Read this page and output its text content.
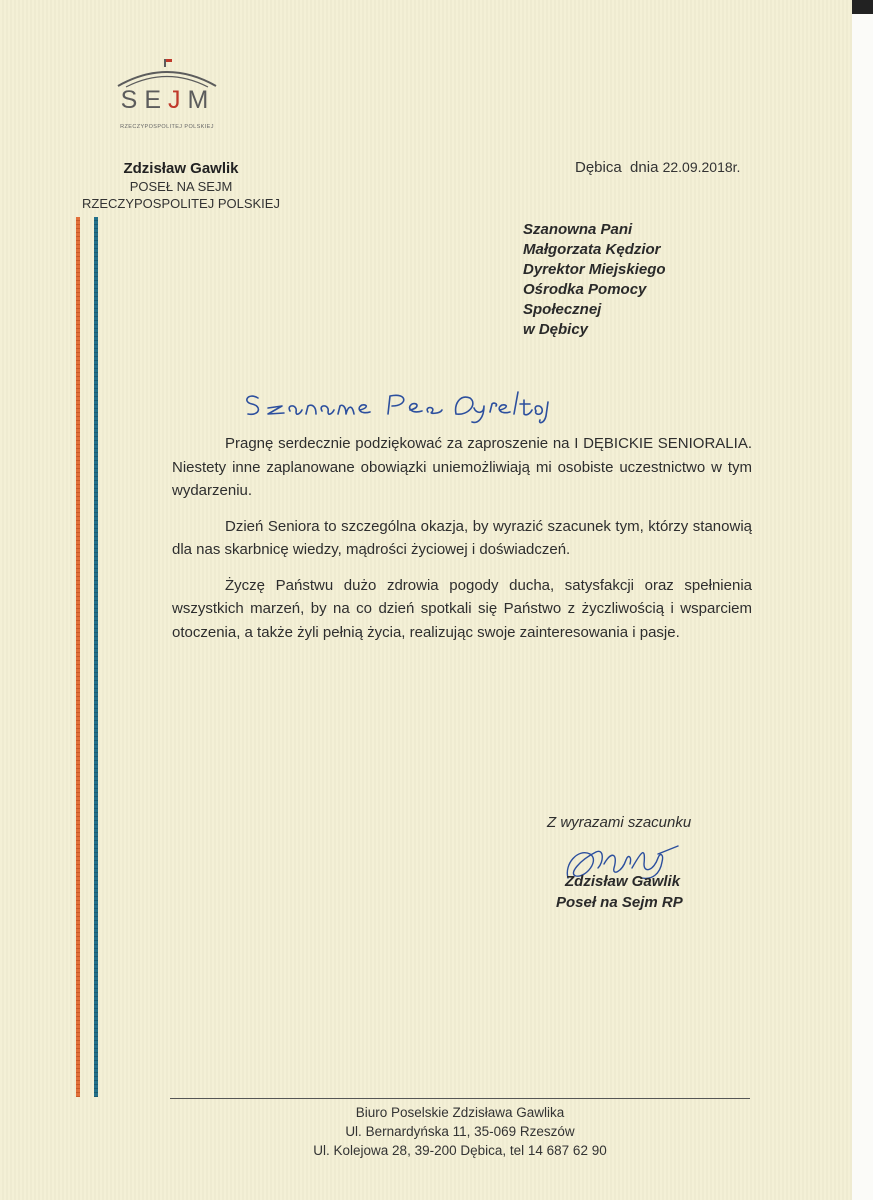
SEJM
RZECZYPOSPOLITEJ POLSKIEJ
Zdzisław Gawlik
POSEŁ NA SEJM
RZECZYPOSPOLITEJ POLSKIEJ
Dębica dnia 22.09.2018r.
Szanowna Pani
Małgorzata Kędzior
Dyrektor Miejskiego
Ośrodka Pomocy
Społecznej
w Dębicy

Pragnę serdecznie podziękować za zaproszenie na I DĘBICKIE SENIORALIA. Niestety inne zaplanowane obowiązki uniemożliwiają mi osobiste uczestnictwo w tym wydarzeniu.

Dzień Seniora to szczególna okazja, by wyrazić szacunek tym, którzy stanowią dla nas skarbnicę wiedzy, mądrości życiowej i doświadczeń.

Życzę Państwu dużo zdrowia pogody ducha, satysfakcji oraz spełnienia wszystkich marzeń, by na co dzień spotkali się Państwo z życzliwością i wsparciem otoczenia, a także żyli pełnią życia, realizując swoje zainteresowania i pasje.

Z wyrazami szacunku
Zdzisław Gawlik
Poseł na Sejm RP
Biuro Poselskie Zdzisława Gawlika
Ul. Bernardyńska 11, 35-069 Rzeszów
Ul. Kolejowa 28, 39-200 Dębica, tel 14 687 62 90
